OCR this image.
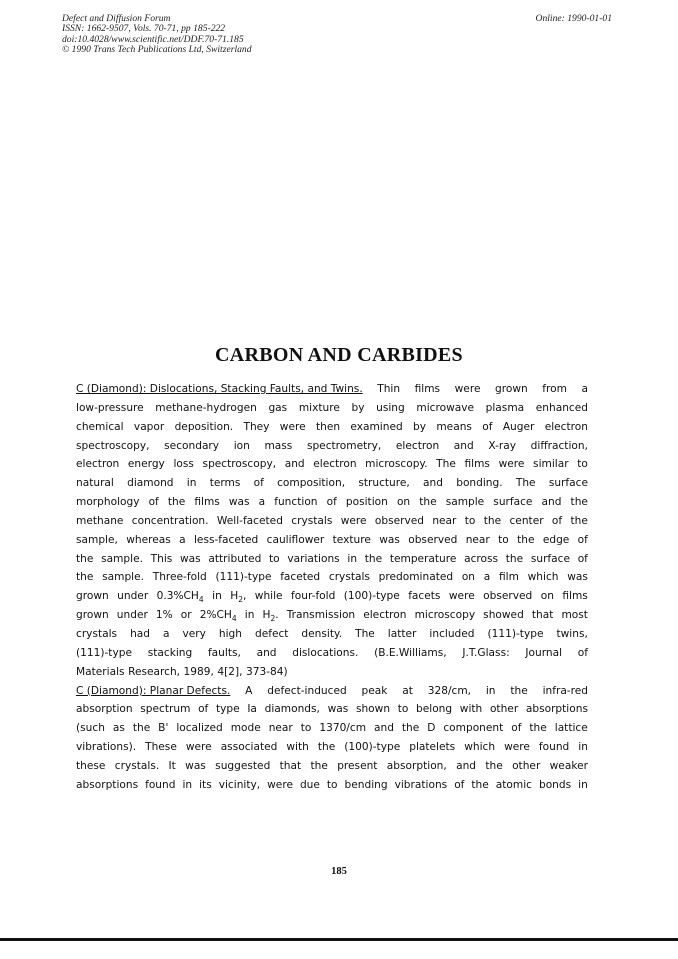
Defect and Diffusion Forum
ISSN: 1662-9507, Vols. 70-71, pp 185-222
doi:10.4028/www.scientific.net/DDF.70-71.185
© 1990 Trans Tech Publications Ltd, Switzerland
Online: 1990-01-01
CARBON AND CARBIDES
C (Diamond): Dislocations, Stacking Faults, and Twins. Thin films were grown from a
low-pressure methane-hydrogen gas mixture by using microwave plasma enhanced
chemical vapor deposition. They were then examined by means of Auger electron
spectroscopy, secondary ion mass spectrometry, electron and X-ray diffraction,
electron energy loss spectroscopy, and electron microscopy. The films were similar to
natural diamond in terms of composition, structure, and bonding. The surface
morphology of the films was a function of position on the sample surface and the
methane concentration. Well-faceted crystals were observed near to the center of the
sample, whereas a less-faceted cauliflower texture was observed near to the edge of
the sample. This was attributed to variations in the temperature across the surface of
the sample. Three-fold (111)-type faceted crystals predominated on a film which was
grown under $0.3\%CH_4$ in $H_2$, while four-fold (100)-type facets were observed on films
grown under 1% or $2\%CH_4$ in $H_2$. Transmission electron microscopy showed that most
crystals had a very high defect density. The latter included (111)-type twins,
(111)-type stacking faults, and dislocations. (B.E.Williams, J.T.Glass: Journal of
Materials Research, 1989, 4[2], 373-84)
C (Diamond): Planar Defects. A defect-induced peak at 328/cm, in the infra-red
absorption spectrum of type Ia diamonds, was shown to belong with other absorptions
(such as the B' localized mode near to 1370/cm and the D component of the lattice
vibrations). These were associated with the (100)-type platelets which were found in
these crystals. It was suggested that the present absorption, and the other weaker
absorptions found in its vicinity, were due to bending vibrations of the atomic bonds in
185
